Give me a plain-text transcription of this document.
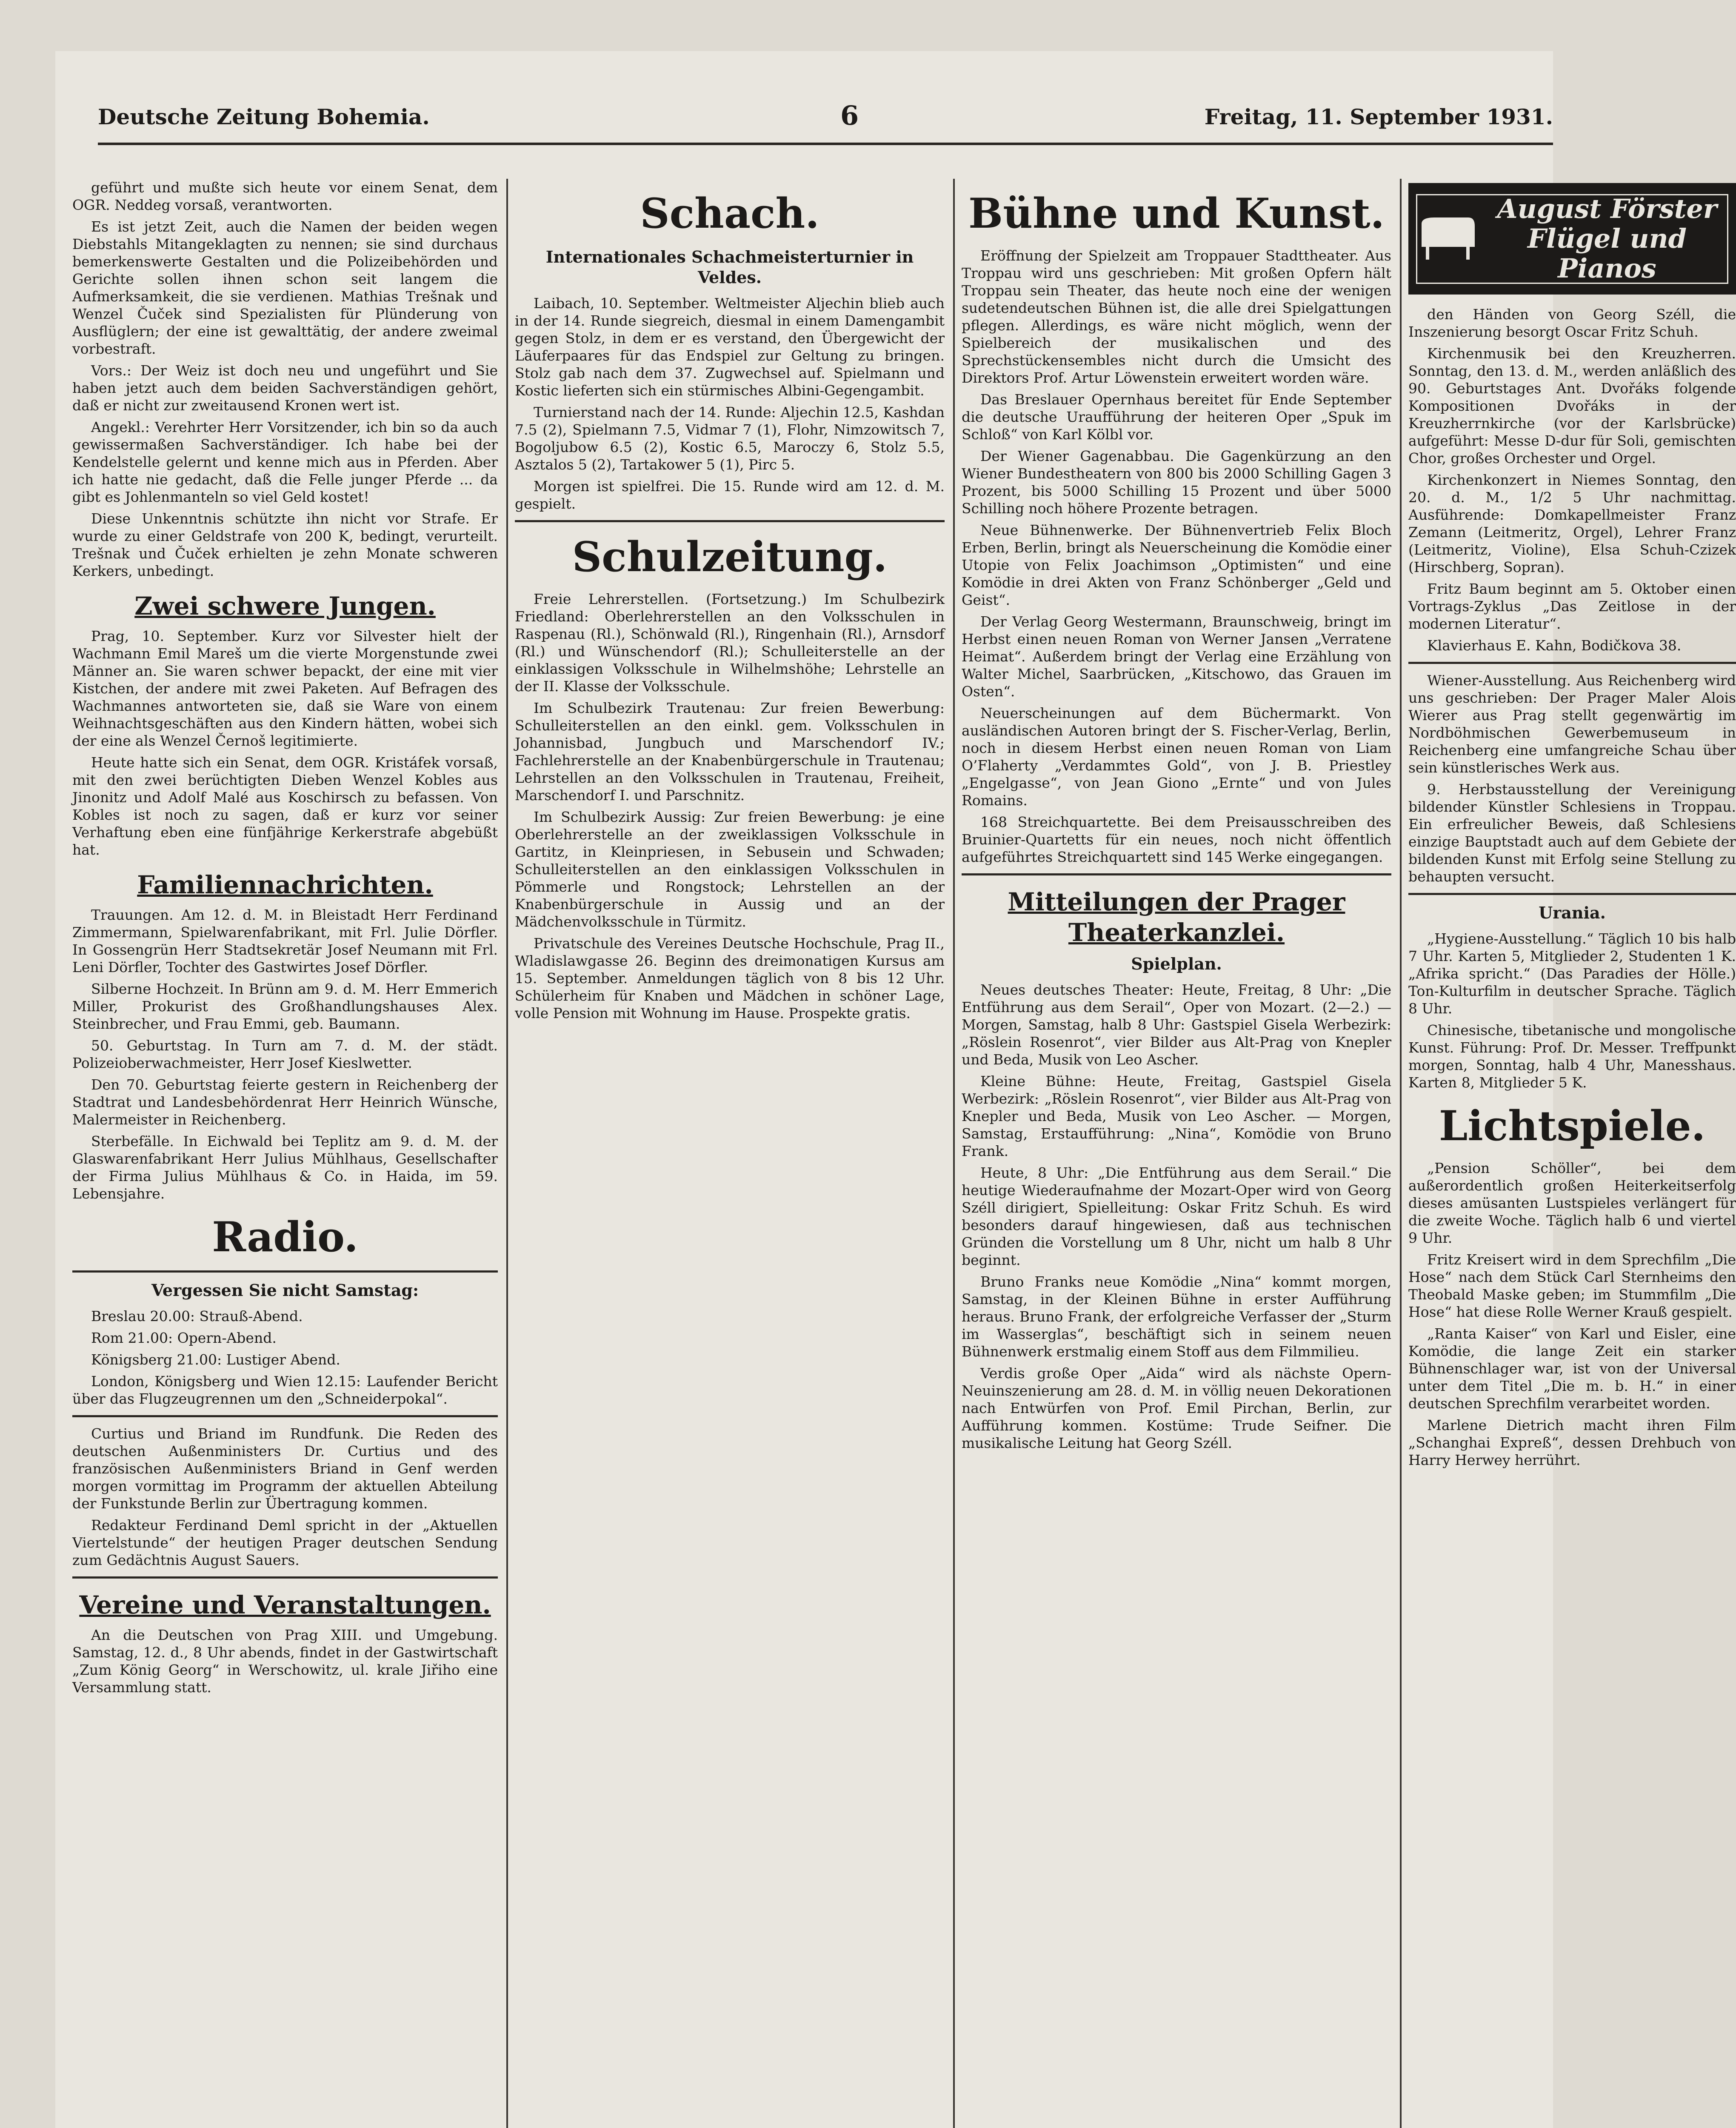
Deutsche Zeitung Bohemia.	6	Freitag, 11. September 1931.

geführt und mußte sich heute vor einem Senat, dem OGR. Neddeg vorsaß, verantworten.

Es ist jetzt Zeit, auch die Namen der beiden wegen Diebstahls Mitangeklagten zu nennen; sie sind durchaus bemerkenswerte Gestalten und die Polizeibehörden und Gerichte sollen ihnen schon seit langem die Aufmerksamkeit, die sie verdienen. Mathias Trešnak und Wenzel Čuček sind Spezialisten für Plünderung von Ausflüglern; der eine ist gewalttätig, der andere zweimal vorbestraft.

Vors.: Der Weiz ist doch neu und ungeführt und Sie haben jetzt auch dem beiden Sachverständigen gehört, daß er nicht zur zweitausend Kronen wert ist.

Angekl.: Verehrter Herr Vorsitzender, ich bin so da auch gewissermaßen Sachverständiger. Ich habe bei der Kendelstelle gelernt und kenne mich aus in Pferden. Aber ich hatte nie gedacht, daß die Felle junger Pferde ... da gibt es Johlenmanteln so viel Geld kostet!

Diese Unkenntnis schützte ihn nicht vor Strafe. Er wurde zu einer Geldstrafe von 200 K, bedingt, verurteilt. Trešnak und Čuček erhielten je zehn Monate schweren Kerkers, unbedingt.

Zwei schwere Jungen.

Prag, 10. September. Kurz vor Silvester hielt der Wachmann Emil Mareš um die vierte Morgenstunde zwei Männer an. Sie waren schwer bepackt, der eine mit vier Kistchen, der andere mit zwei Paketen. Auf Befragen des Wachmannes antworteten sie, daß sie Ware von einem Weihnachtsgeschäften aus den Kindern hätten, wobei sich der eine als Wenzel Černoš legitimierte.

Heute hatte sich ein Senat, dem OGR. Kristáfek vorsaß, mit den zwei berüchtigten Dieben Wenzel Kobles aus Jinonitz und Adolf Malé aus Koschirsch zu befassen. Von Kobles ist noch zu sagen, daß er kurz vor seiner Verhaftung eben eine fünfjährige Kerkerstrafe abgebüßt hat.

Familiennachrichten.

Trauungen. Am 12. d. M. in Bleistadt Herr Ferdinand Zimmermann, Spielwarenfabrikant, mit Frl. Julie Dörfler. In Gossengrün Herr Stadtsekretär Josef Neumann mit Frl. Leni Dörfler, Tochter des Gastwirtes Josef Dörfler.

Silberne Hochzeit. In Brünn am 9. d. M. Herr Emmerich Miller, Prokurist des Großhandlungshauses Alex. Steinbrecher, und Frau Emmi, geb. Baumann.

50. Geburtstag. In Turn am 7. d. M. der städt. Polizeioberwachmeister, Herr Josef Kieslwetter.

Den 70. Geburtstag feierte gestern in Reichenberg der Stadtrat und Landesbehördenrat Herr Heinrich Wünsche, Malermeister in Reichenberg.

Sterbefälle. In Eichwald bei Teplitz am 9. d. M. der Glaswarenfabrikant Herr Julius Mühlhaus, Gesellschafter der Firma Julius Mühlhaus & Co. in Haida, im 59. Lebensjahre.

Radio.
Vergessen Sie nicht Samstag:

Breslau 20.00: Strauß-Abend.

Rom 21.00: Opern-Abend.

Königsberg 21.00: Lustiger Abend.

London, Königsberg und Wien 12.15: Laufender Bericht über das Flugzeugrennen um den „Schneiderpokal“.

Curtius und Briand im Rundfunk. Die Reden des deutschen Außenministers Dr. Curtius und des französischen Außenministers Briand in Genf werden morgen vormittag im Programm der aktuellen Abteilung der Funkstunde Berlin zur Übertragung kommen.

Redakteur Ferdinand Deml spricht in der „Aktuellen Viertelstunde“ der heutigen Prager deutschen Sendung zum Gedächtnis August Sauers.

Vereine und Veranstaltungen.

An die Deutschen von Prag XIII. und Umgebung. Samstag, 12. d., 8 Uhr abends, findet in der Gastwirtschaft „Zum König Georg“ in Werschowitz, ul. krale Jiřiho eine Versammlung statt.

Schach.
Internationales Schachmeisterturnier in Veldes.

Laibach, 10. September. Weltmeister Aljechin blieb auch in der 14. Runde siegreich, diesmal in einem Damengambit gegen Stolz, in dem er es verstand, den Übergewicht der Läuferpaares für das Endspiel zur Geltung zu bringen. Stolz gab nach dem 37. Zugwechsel auf. Spielmann und Kostic lieferten sich ein stürmisches Albini-Gegengambit.

Turnierstand nach der 14. Runde: Aljechin 12.5, Kashdan 7.5 (2), Spielmann 7.5, Vidmar 7 (1), Flohr, Nimzowitsch 7, Bogoljubow 6.5 (2), Kostic 6.5, Maroczy 6, Stolz 5.5, Asztalos 5 (2), Tartakower 5 (1), Pirc 5.

Morgen ist spielfrei. Die 15. Runde wird am 12. d. M. gespielt.

Schulzeitung.

Freie Lehrerstellen. (Fortsetzung.) Im Schulbezirk Friedland: Oberlehrerstellen an den Volksschulen in Raspenau (Rl.), Schönwald (Rl.), Ringenhain (Rl.), Arnsdorf (Rl.) und Wünschendorf (Rl.); Schulleiterstelle an der einklassigen Volksschule in Wilhelmshöhe; Lehrstelle an der II. Klasse der Volksschule.

Im Schulbezirk Trautenau: Zur freien Bewerbung: Schulleiterstellen an den einkl. gem. Volksschulen in Johannisbad, Jungbuch und Marschendorf IV.; Fachlehrerstelle an der Knabenbürgerschule in Trautenau; Lehrstellen an den Volksschulen in Trautenau, Freiheit, Marschendorf I. und Parschnitz.

Im Schulbezirk Aussig: Zur freien Bewerbung: je eine Oberlehrerstelle an der zweiklassigen Volksschule in Gartitz, in Kleinpriesen, in Sebusein und Schwaden; Schulleiterstellen an den einklassigen Volksschulen in Pömmerle und Rongstock; Lehrstellen an der Knabenbürgerschule in Aussig und an der Mädchenvolksschule in Türmitz.

Privatschule des Vereines Deutsche Hochschule, Prag II., Wladislawgasse 26. Beginn des dreimonatigen Kursus am 15. September. Anmeldungen täglich von 8 bis 12 Uhr. Schülerheim für Knaben und Mädchen in schöner Lage, volle Pension mit Wohnung im Hause. Prospekte gratis.

Bühne und Kunst.

Eröffnung der Spielzeit am Troppauer Stadttheater. Aus Troppau wird uns geschrieben: Mit großen Opfern hält Troppau sein Theater, das heute noch eine der wenigen sudetendeutschen Bühnen ist, die alle drei Spielgattungen pflegen. Allerdings, es wäre nicht möglich, wenn der Spielbereich der musikalischen und des Sprechstückensembles nicht durch die Umsicht des Direktors Prof. Artur Löwenstein erweitert worden wäre.

Das Breslauer Opernhaus bereitet für Ende September die deutsche Uraufführung der heiteren Oper „Spuk im Schloß“ von Karl Kölbl vor.

Der Wiener Gagenabbau. Die Gagenkürzung an den Wiener Bundestheatern von 800 bis 2000 Schilling Gagen 3 Prozent, bis 5000 Schilling 15 Prozent und über 5000 Schilling noch höhere Prozente betragen.

Neue Bühnenwerke. Der Bühnenvertrieb Felix Bloch Erben, Berlin, bringt als Neuerscheinung die Komödie einer Utopie von Felix Joachimson „Optimisten“ und eine Komödie in drei Akten von Franz Schönberger „Geld und Geist“.

Der Verlag Georg Westermann, Braunschweig, bringt im Herbst einen neuen Roman von Werner Jansen „Verratene Heimat“. Außerdem bringt der Verlag eine Erzählung von Walter Michel, Saarbrücken, „Kitschowo, das Grauen im Osten“.

Neuerscheinungen auf dem Büchermarkt. Von ausländischen Autoren bringt der S. Fischer-Verlag, Berlin, noch in diesem Herbst einen neuen Roman von Liam O’Flaherty „Verdammtes Gold“, von J. B. Priestley „Engelgasse“, von Jean Giono „Ernte“ und von Jules Romains.

168 Streichquartette. Bei dem Preisausschreiben des Bruinier-Quartetts für ein neues, noch nicht öffentlich aufgeführtes Streichquartett sind 145 Werke eingegangen.

Mitteilungen der Prager Theaterkanzlei.
Spielplan.

Neues deutsches Theater: Heute, Freitag, 8 Uhr: „Die Entführung aus dem Serail“, Oper von Mozart. (2—2.) — Morgen, Samstag, halb 8 Uhr: Gastspiel Gisela Werbezirk: „Röslein Rosenrot“, vier Bilder aus Alt-Prag von Knepler und Beda, Musik von Leo Ascher.

Kleine Bühne: Heute, Freitag, Gastspiel Gisela Werbezirk: „Röslein Rosenrot“, vier Bilder aus Alt-Prag von Knepler und Beda, Musik von Leo Ascher. — Morgen, Samstag, Erstaufführung: „Nina“, Komödie von Bruno Frank.

Heute, 8 Uhr: „Die Entführung aus dem Serail.“ Die heutige Wiederaufnahme der Mozart-Oper wird von Georg Széll dirigiert, Spielleitung: Oskar Fritz Schuh. Es wird besonders darauf hingewiesen, daß aus technischen Gründen die Vorstellung um 8 Uhr, nicht um halb 8 Uhr beginnt.

Bruno Franks neue Komödie „Nina“ kommt morgen, Samstag, in der Kleinen Bühne in erster Aufführung heraus. Bruno Frank, der erfolgreiche Verfasser der „Sturm im Wasserglas“, beschäftigt sich in seinem neuen Bühnenwerk erstmalig einem Stoff aus dem Filmmilieu.

Verdis große Oper „Aida“ wird als nächste Opern-Neuinszenierung am 28. d. M. in völlig neuen Dekorationen nach Entwürfen von Prof. Emil Pirchan, Berlin, zur Aufführung kommen. Kostüme: Trude Seifner. Die musikalische Leitung hat Georg Széll.

August Förster
Flügel und Pianos

den Händen von Georg Széll, die Inszenierung besorgt Oscar Fritz Schuh.

Kirchenmusik bei den Kreuzherren. Sonntag, den 13. d. M., werden anläßlich des 90. Geburtstages Ant. Dvořáks folgende Kompositionen Dvořáks in der Kreuzherrnkirche (vor der Karlsbrücke) aufgeführt: Messe D-dur für Soli, gemischten Chor, großes Orchester und Orgel.

Kirchenkonzert in Niemes Sonntag, den 20. d. M., 1/2 5 Uhr nachmittag. Ausführende: Domkapellmeister Franz Zemann (Leitmeritz, Orgel), Lehrer Franz (Leitmeritz, Violine), Elsa Schuh-Czizek (Hirschberg, Sopran).

Fritz Baum beginnt am 5. Oktober einen Vortrags-Zyklus „Das Zeitlose in der modernen Literatur“.

Klavierhaus E. Kahn, Bodičkova 38.

Wiener-Ausstellung. Aus Reichenberg wird uns geschrieben: Der Prager Maler Alois Wierer aus Prag stellt gegenwärtig im Nordböhmischen Gewerbemuseum in Reichenberg eine umfangreiche Schau über sein künstlerisches Werk aus.

9. Herbstausstellung der Vereinigung bildender Künstler Schlesiens in Troppau. Ein erfreulicher Beweis, daß Schlesiens einzige Bauptstadt auch auf dem Gebiete der bildenden Kunst mit Erfolg seine Stellung zu behaupten versucht.

Urania.

„Hygiene-Ausstellung.“ Täglich 10 bis halb 7 Uhr. Karten 5, Mitglieder 2, Studenten 1 K. „Afrika spricht.“ (Das Paradies der Hölle.) Ton-Kulturfilm in deutscher Sprache. Täglich 8 Uhr.

Chinesische, tibetanische und mongolische Kunst. Führung: Prof. Dr. Messer. Treffpunkt morgen, Sonntag, halb 4 Uhr, Manesshaus. Karten 8, Mitglieder 5 K.

Lichtspiele.

„Pension Schöller“, bei dem außerordentlich großen Heiterkeitserfolg dieses amüsanten Lustspieles verlängert für die zweite Woche. Täglich halb 6 und viertel 9 Uhr.

Fritz Kreisert wird in dem Sprechfilm „Die Hose“ nach dem Stück Carl Sternheims den Theobald Maske geben; im Stummfilm „Die Hose“ hat diese Rolle Werner Krauß gespielt.

„Ranta Kaiser“ von Karl und Eisler, eine Komödie, die lange Zeit ein starker Bühnenschlager war, ist von der Universal unter dem Titel „Die m. b. H.“ in einer deutschen Sprechfilm verarbeitet worden.

Marlene Dietrich macht ihren Film „Schanghai Expreß“, dessen Drehbuch von Harry Herwey herrührt.
